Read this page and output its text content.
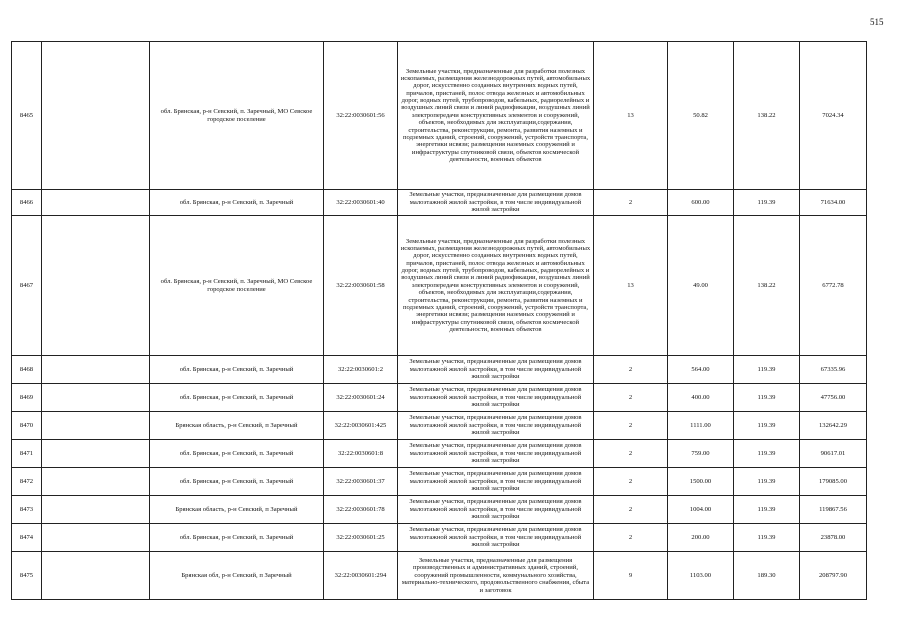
515
8465		обл. Брянская, р-н Севский, п. Заречный, МО Севское городское поселение	32:22:0030601:56	Земельные участки, предназначенные для разработки полезных ископаемых, размещения железнодорожных путей, автомобильных дорог, искусственно созданных внутренних водных путей, причалов, пристаней, полос отвода железных и автомобильных дорог, водных путей, трубопроводов, кабельных, радиорелейных и воздушных линий связи и линий радиофикации, воздушных линий электропередачи конструктивных элементов и сооружений, объектов, необходимых для эксплуатации,содержания, строительства, реконструкции, ремонта, развития наземных и подземных зданий, строений, сооружений, устройств транспорта, энергетики исвязи; размещения наземных сооружений и инфраструктуры спутниковой связи, объектов космической деятельности, военных объектов	13	50.82	138.22	7024.34
8466		обл. Брянская, р-н Севский, п. Заречный	32:22:0030601:40	Земельные участки, предназначенные для размещения домов малоэтажной жилой застройки, в том числе индивидуальной жилой застройки	2	600.00	119.39	71634.00
8467		обл. Брянская, р-н Севский, п. Заречный, МО Севское городское поселение	32:22:0030601:58	Земельные участки, предназначенные для разработки полезных ископаемых, размещения железнодорожных путей, автомобильных дорог, искусственно созданных внутренних водных путей, причалов, пристаней, полос отвода железных и автомобильных дорог, водных путей, трубопроводов, кабельных, радиорелейных и воздушных линий связи и линий радиофикации, воздушных линий электропередачи конструктивных элементов и сооружений, объектов, необходимых для эксплуатации,содержания, строительства, реконструкции, ремонта, развития наземных и подземных зданий, строений, сооружений, устройств транспорта, энергетики исвязи; размещения наземных сооружений и инфраструктуры спутниковой связи, объектов космической деятельности, военных объектов	13	49.00	138.22	6772.78
8468		обл. Брянская, р-н Севский, п. Заречный	32:22:0030601:2	Земельные участки, предназначенные для размещения домов малоэтажной жилой застройки, в том числе индивидуальной жилой застройки	2	564.00	119.39	67335.96
8469		обл. Брянская, р-н Севский, п. Заречный	32:22:0030601:24	Земельные участки, предназначенные для размещения домов малоэтажной жилой застройки, в том числе индивидуальной жилой застройки	2	400.00	119.39	47756.00
8470		Брянская область, р-н Севский, п Заречный	32:22:0030601:425	Земельные участки, предназначенные для размещения домов малоэтажной жилой застройки, в том числе индивидуальной жилой застройки	2	1111.00	119.39	132642.29
8471		обл. Брянская, р-н Севский, п. Заречный	32:22:0030601:8	Земельные участки, предназначенные для размещения домов малоэтажной жилой застройки, в том числе индивидуальной жилой застройки	2	759.00	119.39	90617.01
8472		обл. Брянская, р-н Севский, п. Заречный	32:22:0030601:37	Земельные участки, предназначенные для размещения домов малоэтажной жилой застройки, в том числе индивидуальной жилой застройки	2	1500.00	119.39	179085.00
8473		Брянская область, р-н Севский, п Заречный	32:22:0030601:78	Земельные участки, предназначенные для размещения домов малоэтажной жилой застройки, в том числе индивидуальной жилой застройки	2	1004.00	119.39	119867.56
8474		обл. Брянская, р-н Севский, п. Заречный	32:22:0030601:25	Земельные участки, предназначенные для размещения домов малоэтажной жилой застройки, в том числе индивидуальной жилой застройки	2	200.00	119.39	23878.00
8475		Брянская обл, р-н Севский, п Заречный	32:22:0030601:294	Земельные участки, предназначенные для размещения производственных и административных зданий, строений, сооружений промышленности, коммунального хозяйства, материально-технического, продовольственного снабжения, сбыта и заготовок	9	1103.00	189.30	208797.90
